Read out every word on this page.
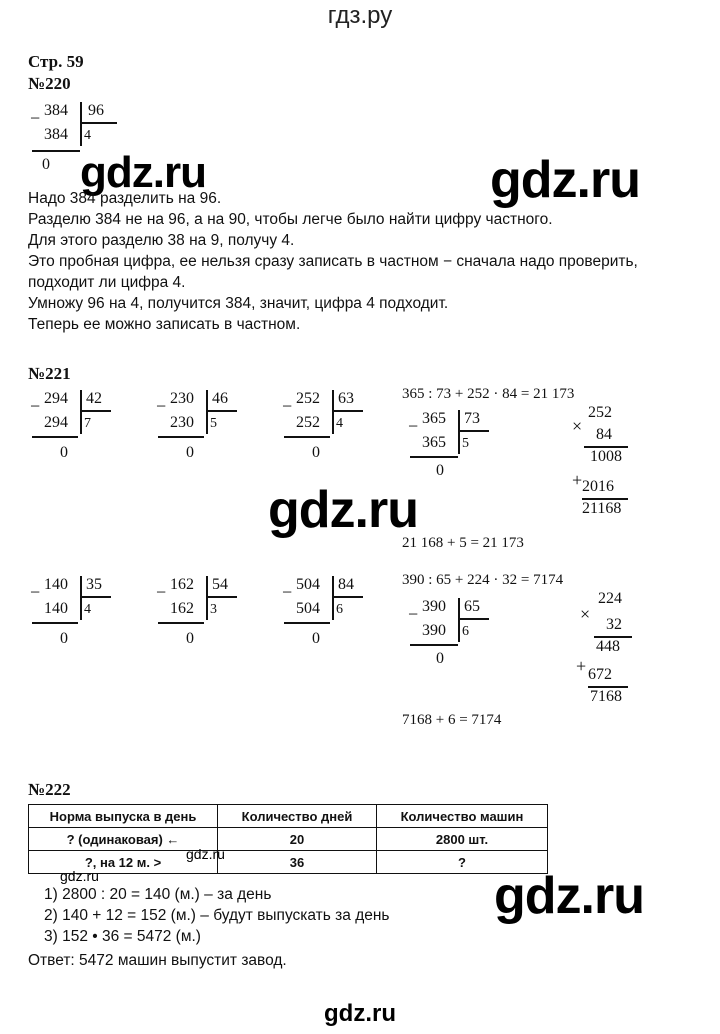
гдз.ру
Стр. 59
№220
− 384 96
384 4
0 gdz.ru	gdz.ru
Надо 384 разделить на 96.
Разделю 384 не на 96, а на 90, чтобы легче было найти цифру частного.
Для этого разделю 38 на 9, получу 4.
Это пробная цифра, ее нельзя сразу записать в частном − сначала надо проверить,
подходит ли цифра 4.
Умножу 96 на 4, получится 384, значит, цифра 4 подходит.
Теперь ее можно записать в частном.
№221
− 294 42
294 7
0
− 230 46
230 5
0
− 252 63
252 4
0
− 140 35
140 4
0
− 162 54
162 3
0
− 504 84
504 6
0
365 : 73 + 252 · 84 = 21 173
− 365 73
365 5
0
252
× 84
1008
+ 2016
21168
21 168 + 5 = 21 173
390 : 65 + 224 · 32 = 7174
− 390 65
390 6
0
224
×
32
448
+ 672
7168
7168 + 6 = 7174
gdz.ru
№222
Норма выпуска в день	Количество дней	Количество машин
? (одинаковая) ←	20	2800 шт.
?, на 12 м. >	36	?
gdz.ru
gdz.ru	gdz.ru
1) 2800 : 20 = 140 (м.) – за день
2) 140 + 12 = 152 (м.) – будут выпускать за день
3) 152 • 36 = 5472 (м.)
Ответ: 5472 машин выпустит завод.
gdz.ru
